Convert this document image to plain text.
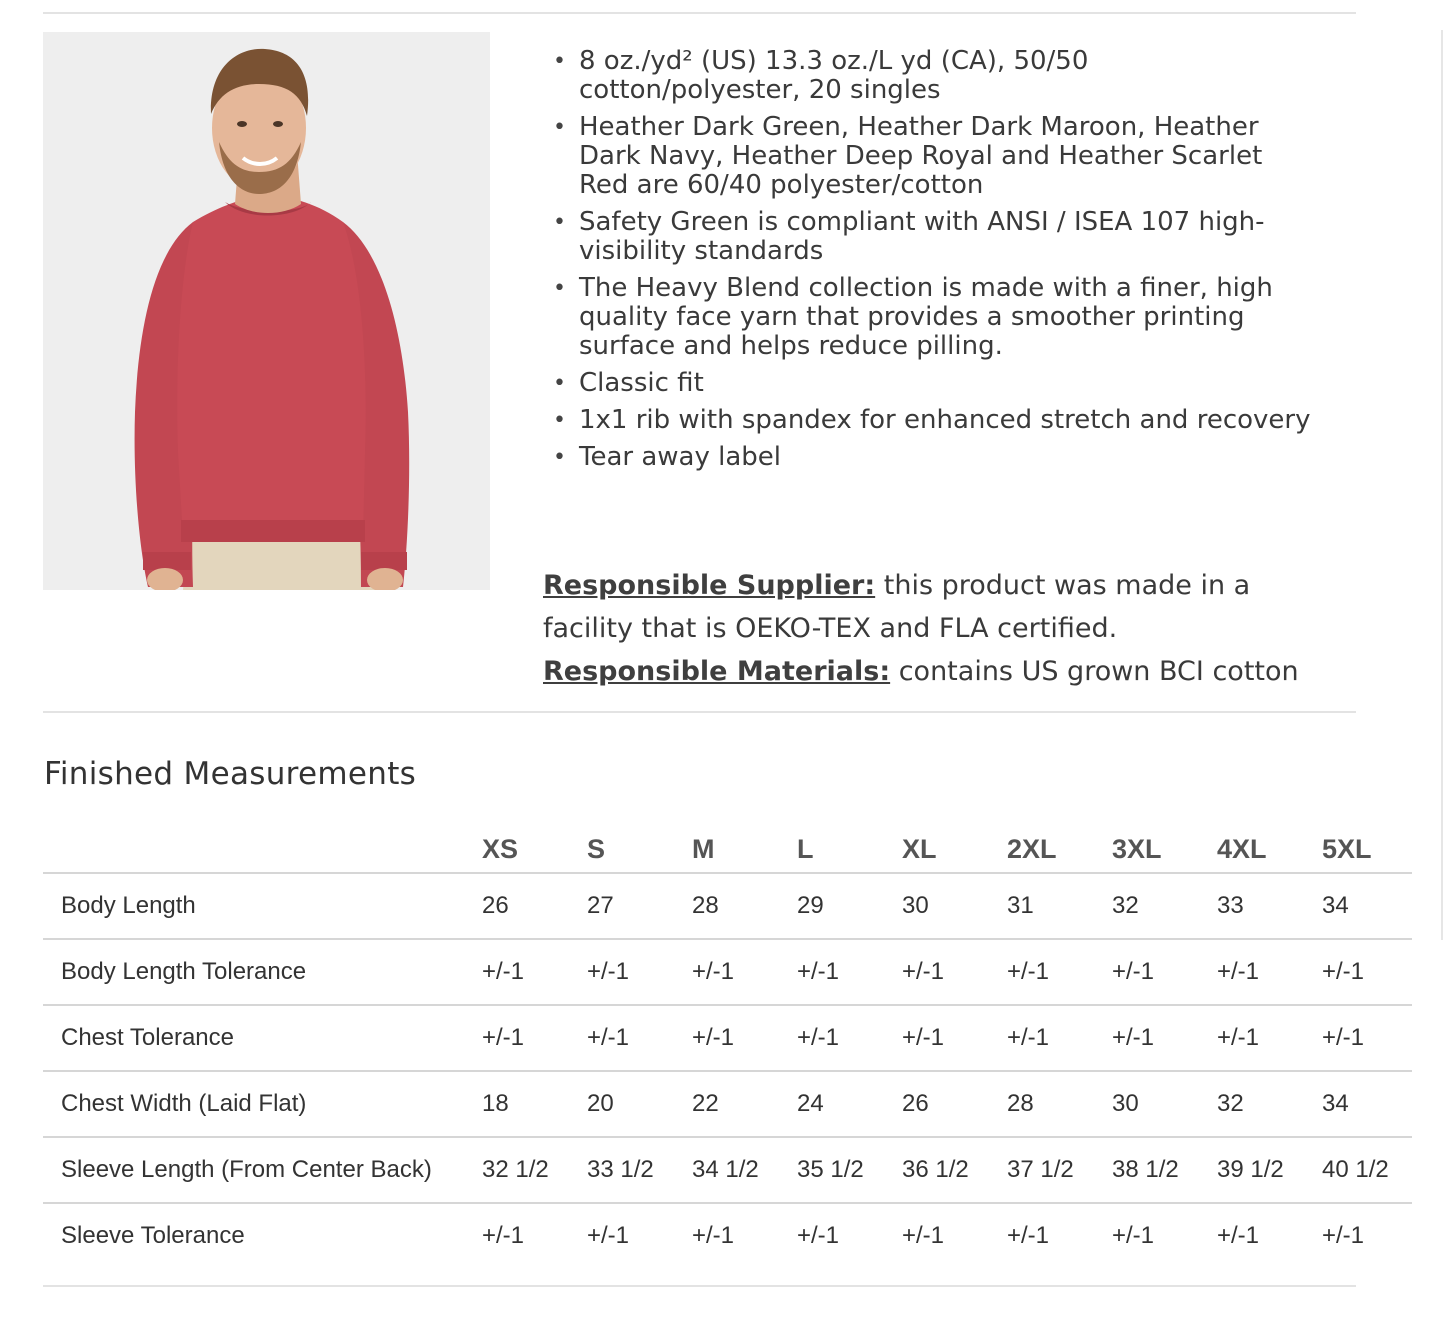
• 8 oz./yd² (US) 13.3 oz./L yd (CA), 50/50 cotton/polyester, 20 singles
• Heather Dark Green, Heather Dark Maroon, Heather Dark Navy, Heather Deep Royal and Heather Scarlet Red are 60/40 polyester/cotton
• Safety Green is compliant with ANSI / ISEA 107 high-visibility standards
• The Heavy Blend collection is made with a finer, high quality face yarn that provides a smoother printing surface and helps reduce pilling.
• Classic fit
• 1x1 rib with spandex for enhanced stretch and recovery
• Tear away label
Responsible Supplier: this product was made in a facility that is OEKO-TEX and FLA certified.
Responsible Materials: contains US grown BCI cotton
Finished Measurements
	XS	S	M	L	XL	2XL	3XL	4XL	5XL
Body Length	26	27	28	29	30	31	32	33	34
Body Length Tolerance	+/-1	+/-1	+/-1	+/-1	+/-1	+/-1	+/-1	+/-1	+/-1
Chest Tolerance	+/-1	+/-1	+/-1	+/-1	+/-1	+/-1	+/-1	+/-1	+/-1
Chest Width (Laid Flat)	18	20	22	24	26	28	30	32	34
Sleeve Length (From Center Back)	32 1/2	33 1/2	34 1/2	35 1/2	36 1/2	37 1/2	38 1/2	39 1/2	40 1/2
Sleeve Tolerance	+/-1	+/-1	+/-1	+/-1	+/-1	+/-1	+/-1	+/-1	+/-1
